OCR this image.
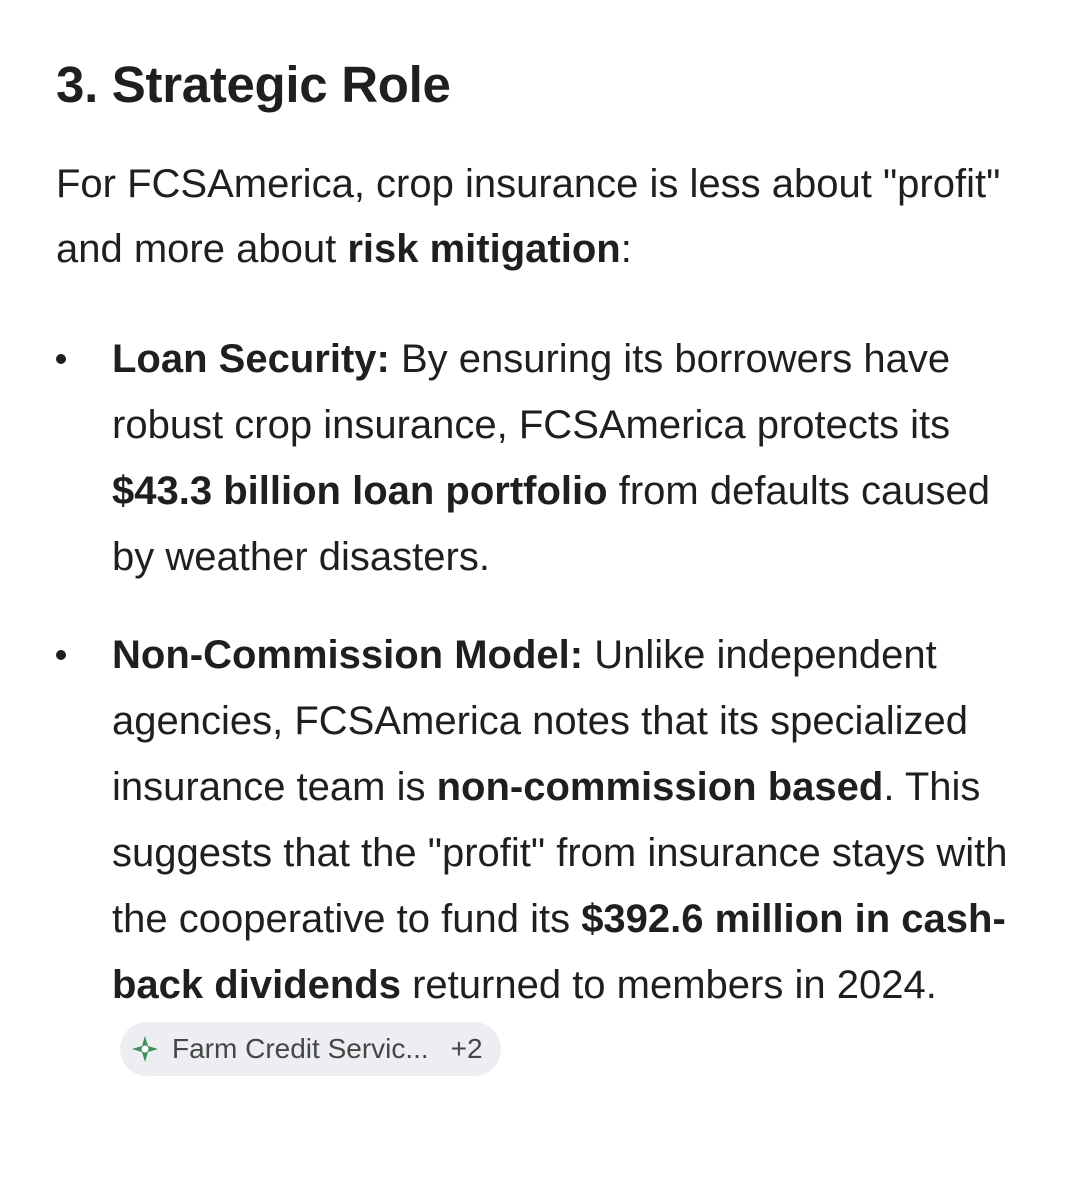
3. Strategic Role

For FCSAmerica, crop insurance is less about "profit" and more about risk mitigation:

Loan Security: By ensuring its borrowers have robust crop insurance, FCSAmerica protects its $43.3 billion loan portfolio from defaults caused by weather disasters.
Non-Commission Model: Unlike independent agencies, FCSAmerica notes that its specialized insurance team is non-commission based. This suggests that the "profit" from insurance stays with the cooperative to fund its $392.6 million in cash-back dividends returned to members in 2024.
Farm Credit Servic... +2
